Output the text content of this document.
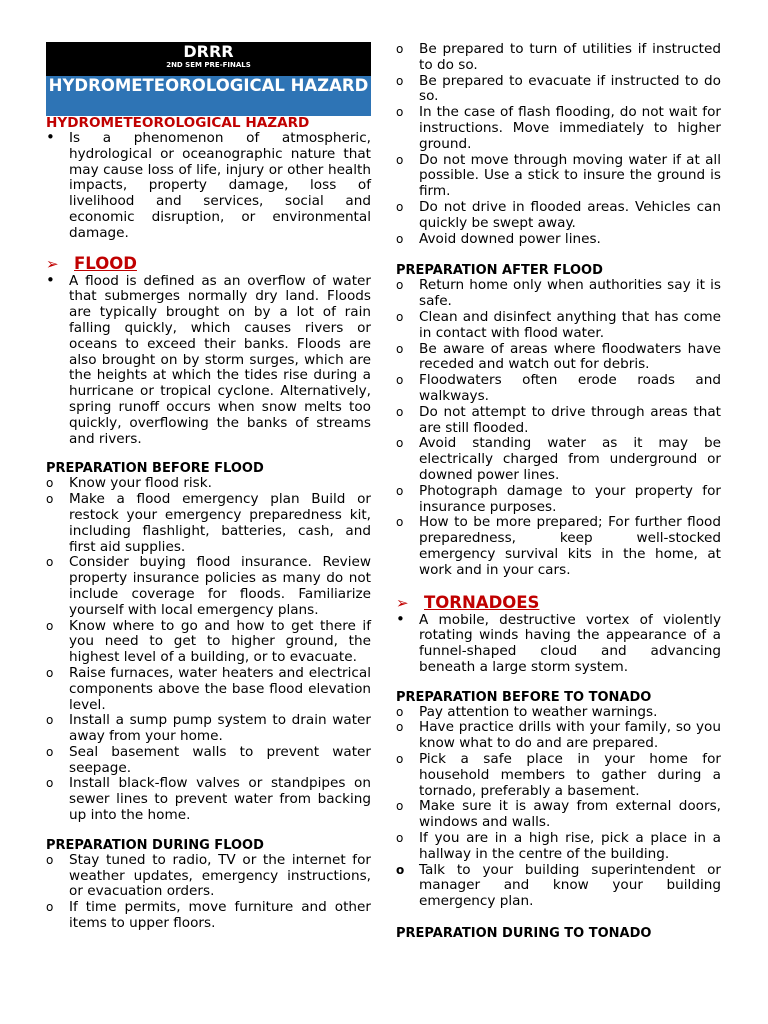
DRRR
2ND SEM PRE-FINALS
HYDROMETEOROLOGICAL HAZARD
HYDROMETEOROLOGICAL HAZARD
• Is a phenomenon of atmospheric, hydrological or oceanographic nature that may cause loss of life, injury or other health impacts, property damage, loss of livelihood and services, social and economic disruption, or environmental damage.
➢ FLOOD
• A flood is defined as an overflow of water that submerges normally dry land. Floods are typically brought on by a lot of rain falling quickly, which causes rivers or oceans to exceed their banks. Floods are also brought on by storm surges, which are the heights at which the tides rise during a hurricane or tropical cyclone. Alternatively, spring runoff occurs when snow melts too quickly, overflowing the banks of streams and rivers.
PREPARATION BEFORE FLOOD
o Know your flood risk.
o Make a flood emergency plan Build or restock your emergency preparedness kit, including flashlight, batteries, cash, and first aid supplies.
o Consider buying flood insurance. Review property insurance policies as many do not include coverage for floods. Familiarize yourself with local emergency plans.
o Know where to go and how to get there if you need to get to higher ground, the highest level of a building, or to evacuate.
o Raise furnaces, water heaters and electrical components above the base flood elevation level.
o Install a sump pump system to drain water away from your home.
o Seal basement walls to prevent water seepage.
o Install black-flow valves or standpipes on sewer lines to prevent water from backing up into the home.
PREPARATION DURING FLOOD
o Stay tuned to radio, TV or the internet for weather updates, emergency instructions, or evacuation orders.
o If time permits, move furniture and other items to upper floors.
o Be prepared to turn of utilities if instructed to do so.
o Be prepared to evacuate if instructed to do so.
o In the case of flash flooding, do not wait for instructions. Move immediately to higher ground.
o Do not move through moving water if at all possible. Use a stick to insure the ground is firm.
o Do not drive in flooded areas. Vehicles can quickly be swept away.
o Avoid downed power lines.
PREPARATION AFTER FLOOD
o Return home only when authorities say it is safe.
o Clean and disinfect anything that has come in contact with flood water.
o Be aware of areas where floodwaters have receded and watch out for debris.
o Floodwaters often erode roads and walkways.
o Do not attempt to drive through areas that are still flooded.
o Avoid standing water as it may be electrically charged from underground or downed power lines.
o Photograph damage to your property for insurance purposes.
o How to be more prepared; For further flood preparedness, keep well-stocked emergency survival kits in the home, at work and in your cars.
➢ TORNADOES
• A mobile, destructive vortex of violently rotating winds having the appearance of a funnel-shaped cloud and advancing beneath a large storm system.
PREPARATION BEFORE TO TONADO
o Pay attention to weather warnings.
o Have practice drills with your family, so you know what to do and are prepared.
o Pick a safe place in your home for household members to gather during a tornado, preferably a basement.
o Make sure it is away from external doors, windows and walls.
o If you are in a high rise, pick a place in a hallway in the centre of the building.
o Talk to your building superintendent or manager and know your building emergency plan.
PREPARATION DURING TO TONADO
